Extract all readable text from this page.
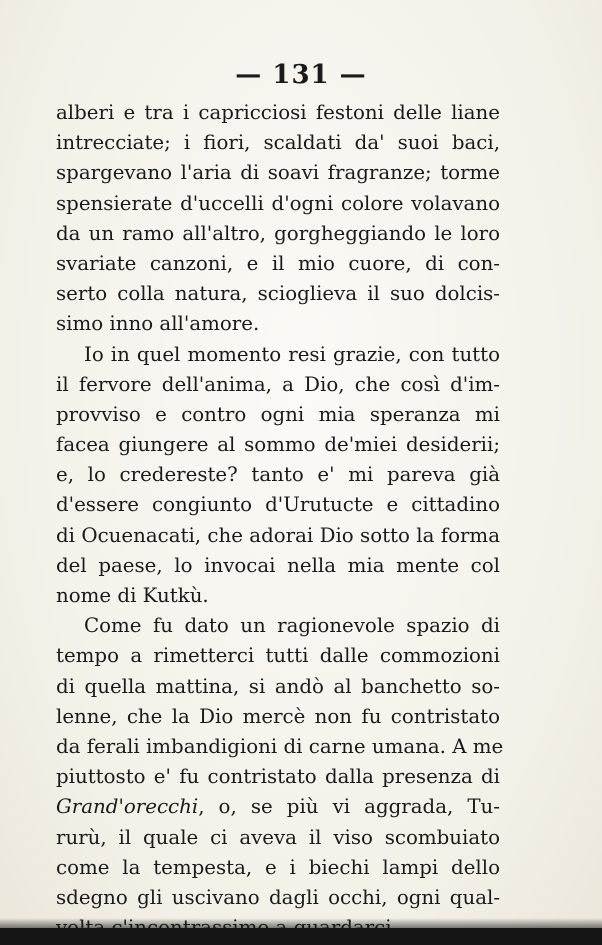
— 131 —
alberi e tra i capricciosi festoni delle liane
intrecciate; i fiori, scaldati da' suoi baci,
spargevano l'aria di soavi fragranze; torme
spensierate d'uccelli d'ogni colore volavano
da un ramo all'altro, gorgheggiando le loro
svariate canzoni, e il mio cuore, di con-
serto colla natura, scioglieva il suo dolcis-
simo inno all'amore.
Io in quel momento resi grazie, con tutto
il fervore dell'anima, a Dio, che così d'im-
provviso e contro ogni mia speranza mi
facea giungere al sommo de'miei desiderii;
e, lo credereste? tanto e' mi pareva già
d'essere congiunto d'Urutucte e cittadino
di Ocuenacati, che adorai Dio sotto la forma
del paese, lo invocai nella mia mente col
nome di Kutkù.
Come fu dato un ragionevole spazio di
tempo a rimetterci tutti dalle commozioni
di quella mattina, si andò al banchetto so-
lenne, che la Dio mercè non fu contristato
da ferali imbandigioni di carne umana. A me
piuttosto e' fu contristato dalla presenza di
Grand'orecchi, o, se più vi aggrada, Tu-
rurù, il quale ci aveva il viso scombuiato
come la tempesta, e i biechi lampi dello
sdegno gli uscivano dagli occhi, ogni qual-
